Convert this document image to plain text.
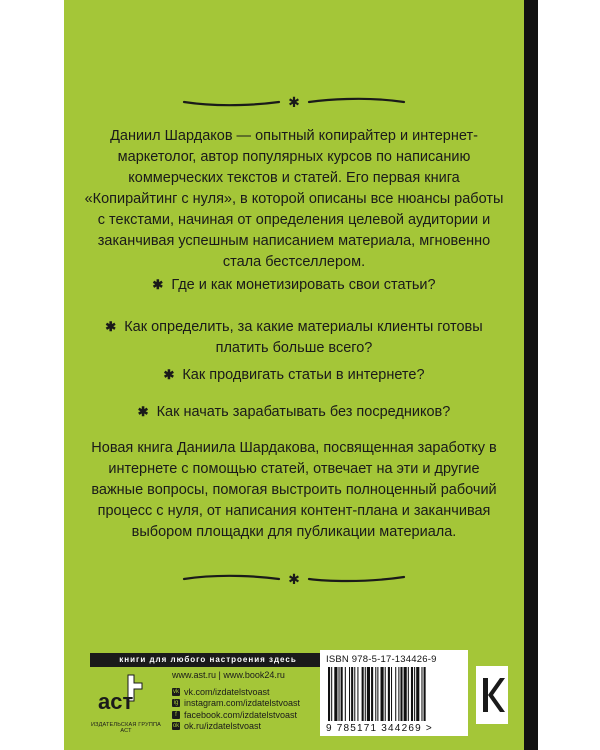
✱

Даниил Шардаков — опытный копирайтер и интернет-маркетолог, автор популярных курсов по написанию коммерческих текстов и статей. Его первая книга «Копирайтинг с нуля», в которой описаны все нюансы работы с текстами, начиная от определения целевой аудитории и заканчивая успешным написанием материала, мгновенно стала бестселлером.

✱ Где и как монетизировать свои статьи?

✱ Как определить, за какие материалы клиенты готовы платить больше всего?

✱ Как продвигать статьи в интернете?

✱ Как начать зарабатывать без посредников?

Новая книга Даниила Шардакова, посвященная заработку в интернете с помощью статей, отвечает на эти и другие важные вопросы, помогая выстроить полноценный рабочий процесс с нуля, от написания контент-плана и заканчивая выбором площадки для публикации материала.

✱
книги для любого настроения здесь
аст
ИЗДАТЕЛЬСКАЯ ГРУППА АСТ
www.ast.ru | www.book24.ru
vk vk.com/izdatelstvoast
ig instagram.com/izdatelstvoast
f facebook.com/izdatelstvoast
ok ok.ru/izdatelstvoast
ISBN 978-5-17-134426-9
9 785171 344269 >
